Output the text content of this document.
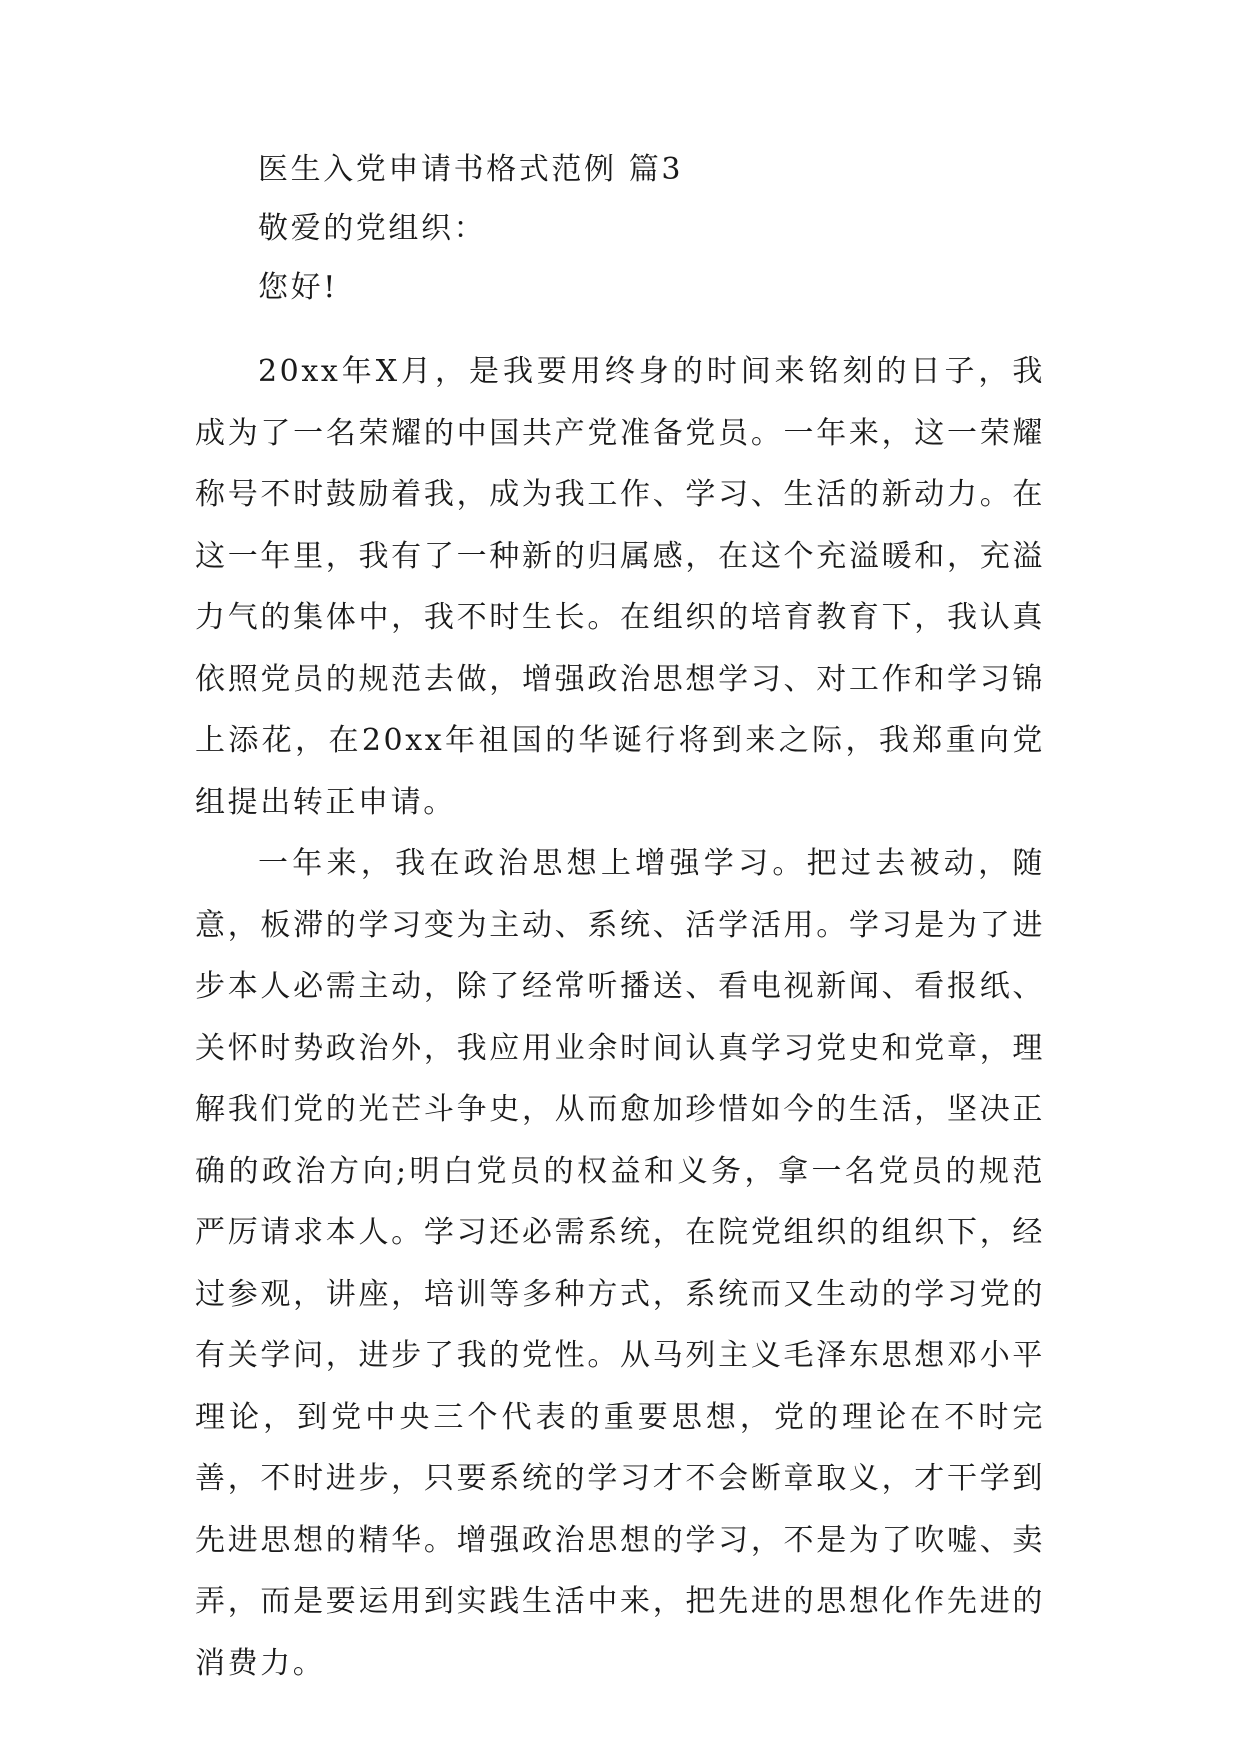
医生入党申请书格式范例 篇3
敬爱的党组织：
您好!

20xx年X月，是我要用终身的时间来铭刻的日子，我成为了一名荣耀的中国共产党准备党员。一年来，这一荣耀称号不时鼓励着我，成为我工作、学习、生活的新动力。在这一年里，我有了一种新的归属感，在这个充溢暖和，充溢力气的集体中，我不时生长。在组织的培育教育下，我认真依照党员的规范去做，增强政治思想学习、对工作和学习锦上添花，在20xx年祖国的华诞行将到来之际，我郑重向党组提出转正申请。

一年来，我在政治思想上增强学习。把过去被动，随意，板滞的学习变为主动、系统、活学活用。学习是为了进步本人必需主动，除了经常听播送、看电视新闻、看报纸、关怀时势政治外，我应用业余时间认真学习党史和党章，理解我们党的光芒斗争史，从而愈加珍惜如今的生活，坚决正确的政治方向;明白党员的权益和义务，拿一名党员的规范严厉请求本人。学习还必需系统，在院党组织的组织下，经过参观，讲座，培训等多种方式，系统而又生动的学习党的有关学问，进步了我的党性。从马列主义毛泽东思想邓小平理论，到党中央三个代表的重要思想，党的理论在不时完善，不时进步，只要系统的学习才不会断章取义，才干学到先进思想的精华。增强政治思想的学习，不是为了吹嘘、卖弄，而是要运用到实践生活中来，把先进的思想化作先进的消费力。
